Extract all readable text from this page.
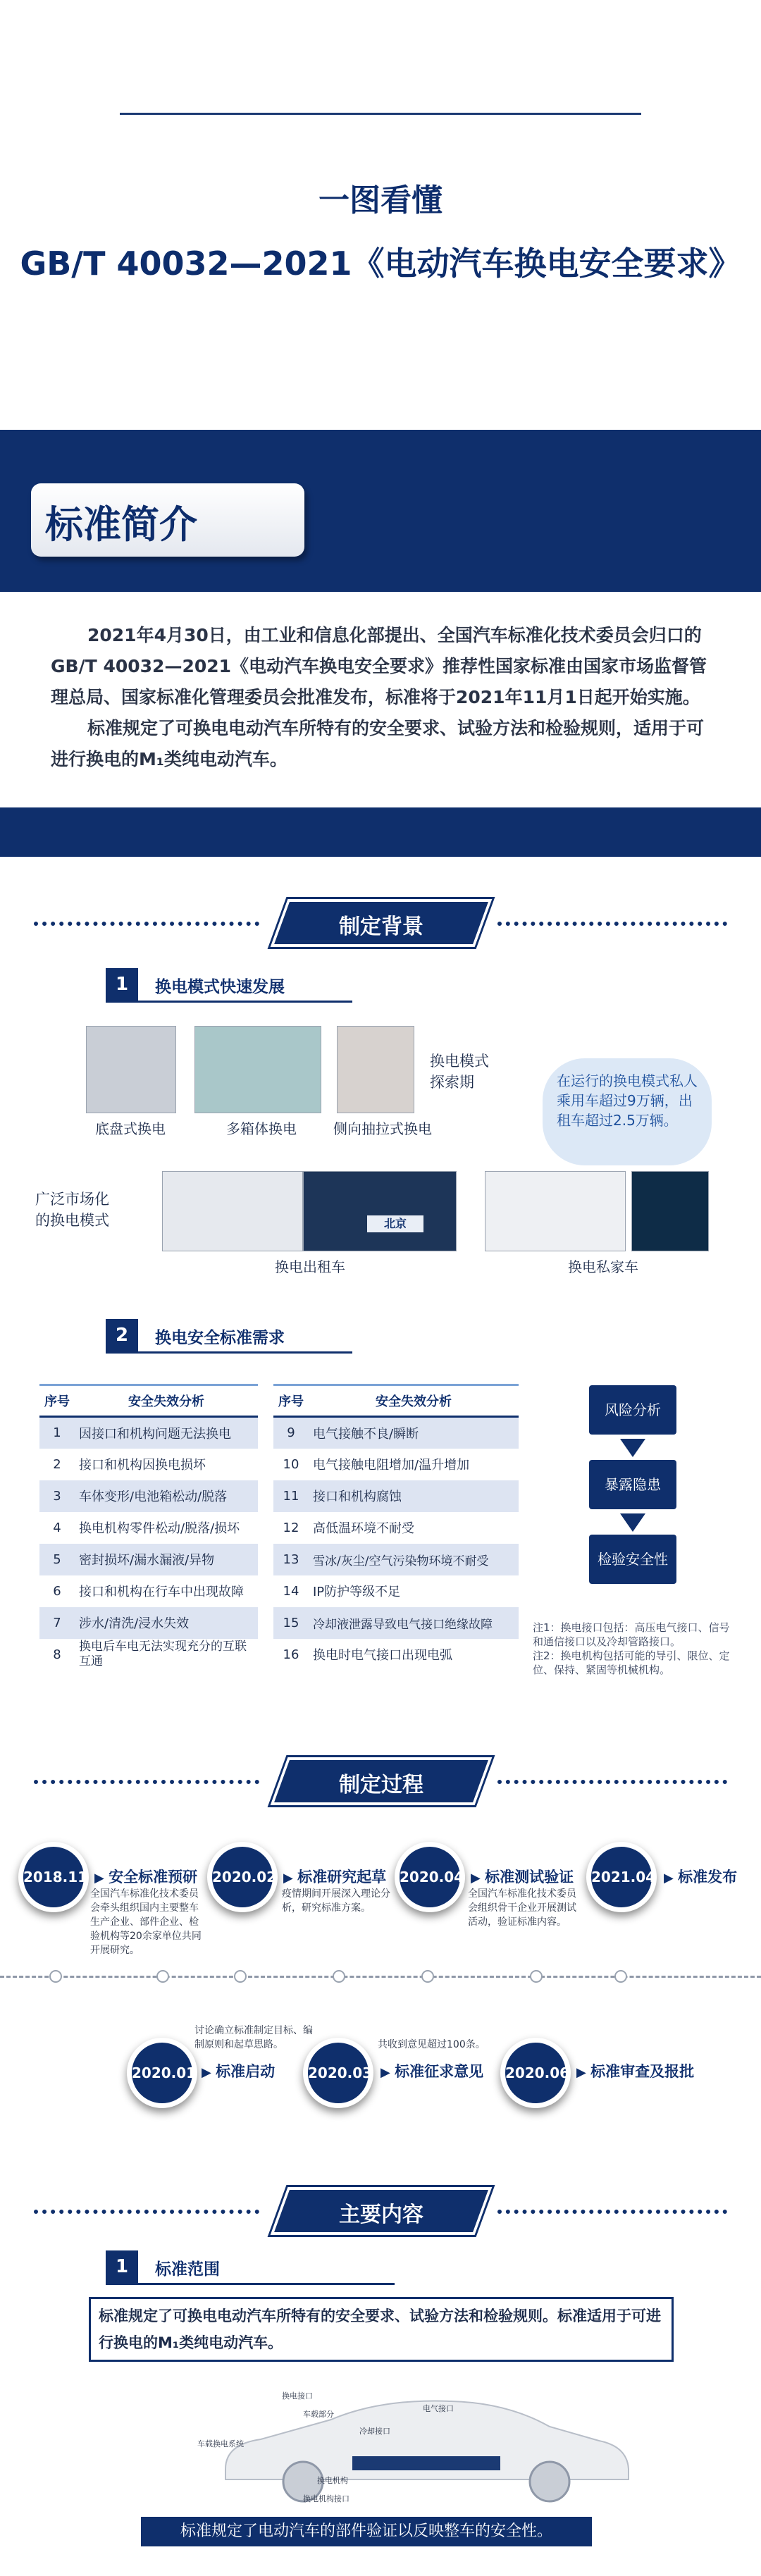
一图看懂
GB/T 40032—2021《电动汽车换电安全要求》
标准简介

2021年4月30日，由工业和信息化部提出、全国汽车标准化技术委员会归口的GB/T 40032—2021《电动汽车换电安全要求》推荐性国家标准由国家市场监督管理总局、国家标准化管理委员会批准发布，标准将于2021年11月1日起开始实施。

标准规定了可换电电动汽车所特有的安全要求、试验方法和检验规则，适用于可进行换电的M₁类纯电动汽车。

制定背景
1	换电模式快速发展
底盘式换电	多箱体换电	侧向抽拉式换电
换电模式
探索期	在运行的换电模式私人乘用车超过9万辆，出租车超过2.5万辆。
广泛市场化
的换电模式	北京
换电出租车	换电私家车
2	换电安全标准需求
序号	安全失效分析
1	因接口和机构问题无法换电
2	接口和机构因换电损坏
3	车体变形/电池箱松动/脱落
4	换电机构零件松动/脱落/损坏
5	密封损坏/漏水漏液/异物
6	接口和机构在行车中出现故障
7	涉水/清洗/浸水失效
8	换电后车电无法实现充分的互联互通
序号	安全失效分析
9	电气接触不良/瞬断
10	电气接触电阻增加/温升增加
11	接口和机构腐蚀
12	高低温环境不耐受
13	雪冰/灰尘/空气污染物环境不耐受
14	IP防护等级不足
15	冷却液泄露导致电气接口绝缘故障
16	换电时电气接口出现电弧
风险分析
暴露隐患
检验安全性
注1：换电接口包括：高压电气接口、信号和通信接口以及冷却管路接口。
注2：换电机构包括可能的导引、限位、定位、保持、紧固等机械机构。
制定过程
2018.11	▶ 安全标准预研
全国汽车标准化技术委员会牵头组织国内主要整车生产企业、部件企业、检验机构等20余家单位共同开展研究。
2020.02	▶ 标准研究起草
疫情期间开展深入理论分析，研究标准方案。
2020.04	▶ 标准测试验证
全国汽车标准化技术委员会组织骨干企业开展测试活动，验证标准内容。
2021.04	▶ 标准发布
讨论确立标准制定目标、编制原则和起草思路。
2020.01	▶ 标准启动
共收到意见超过100条。
2020.03	▶ 标准征求意见	2020.06	▶ 标准审查及报批
主要内容
1	标准范围
标准规定了可换电电动汽车所特有的安全要求、试验方法和检验规则。标准适用于可进行换电的M₁类纯电动汽车。
换电接口
车载部分
电气接口
冷却接口
车载换电系统
换电机构
换电机构接口
标准规定了电动汽车的部件验证以反映整车的安全性。
